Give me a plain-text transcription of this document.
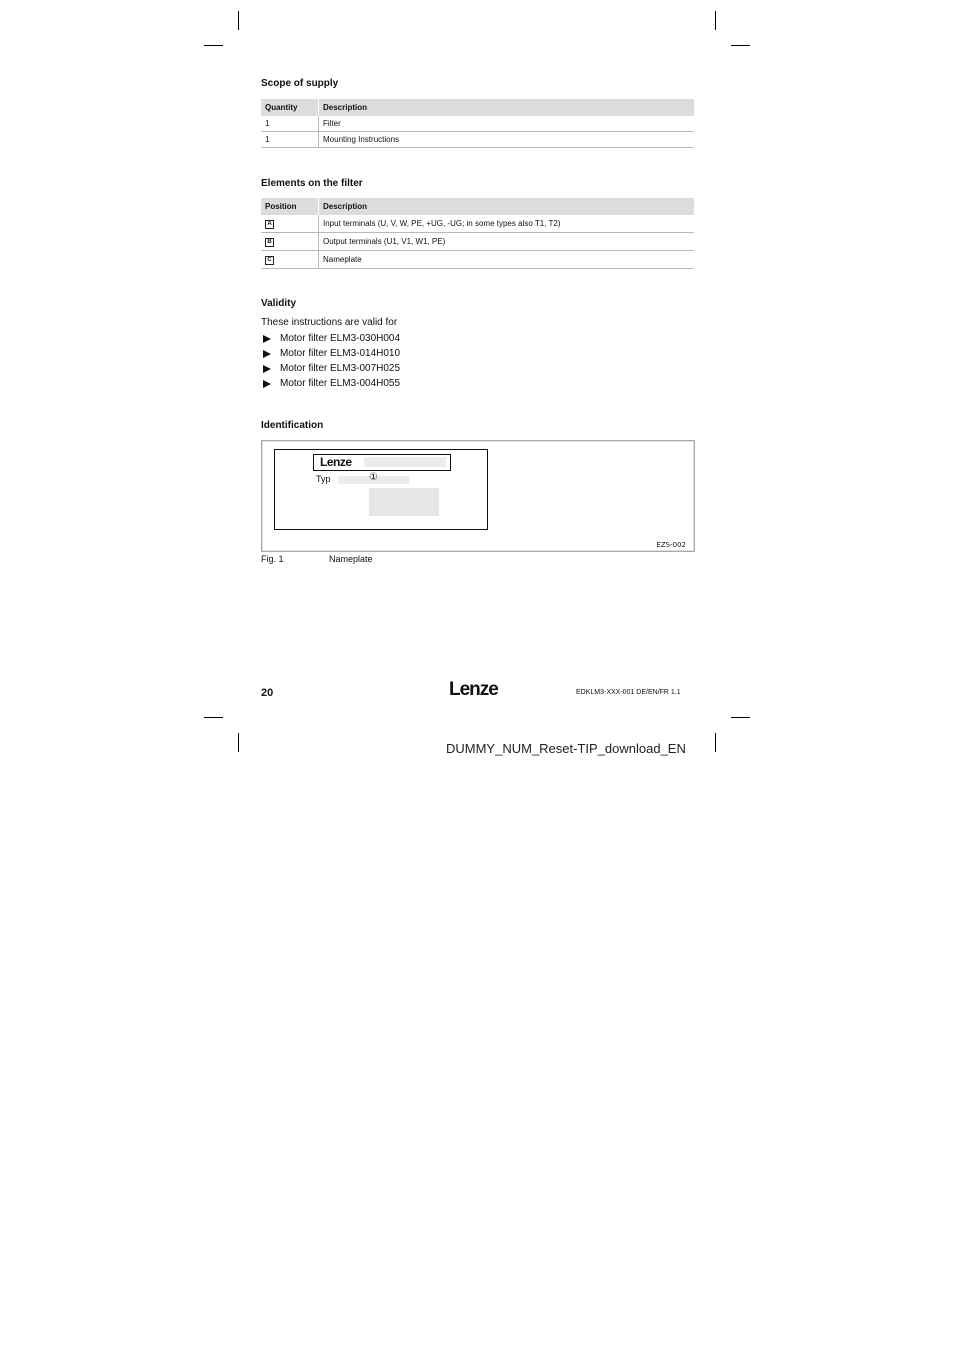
Scope of supply
Quantity	Description
1	Filter
1	Mounting Instructions
Elements on the filter
Position	Description
A	Input terminals (U, V, W, PE, +UG, -UG; in some types also T1, T2)
B	Output terminals (U1, V1, W1, PE)
C	Nameplate
Validity
These instructions are valid for
Motor filter ELM3-030H004
Motor filter ELM3-014H010
Motor filter ELM3-007H025
Motor filter ELM3-004H055
Identification
Lenze
Typ	①
EZS-002
Fig. 1	Nameplate
20	Lenze	EDKLM3-XXX-001 DE/EN/FR 1.1
DUMMY_NUM_Reset-TIP_download_EN
